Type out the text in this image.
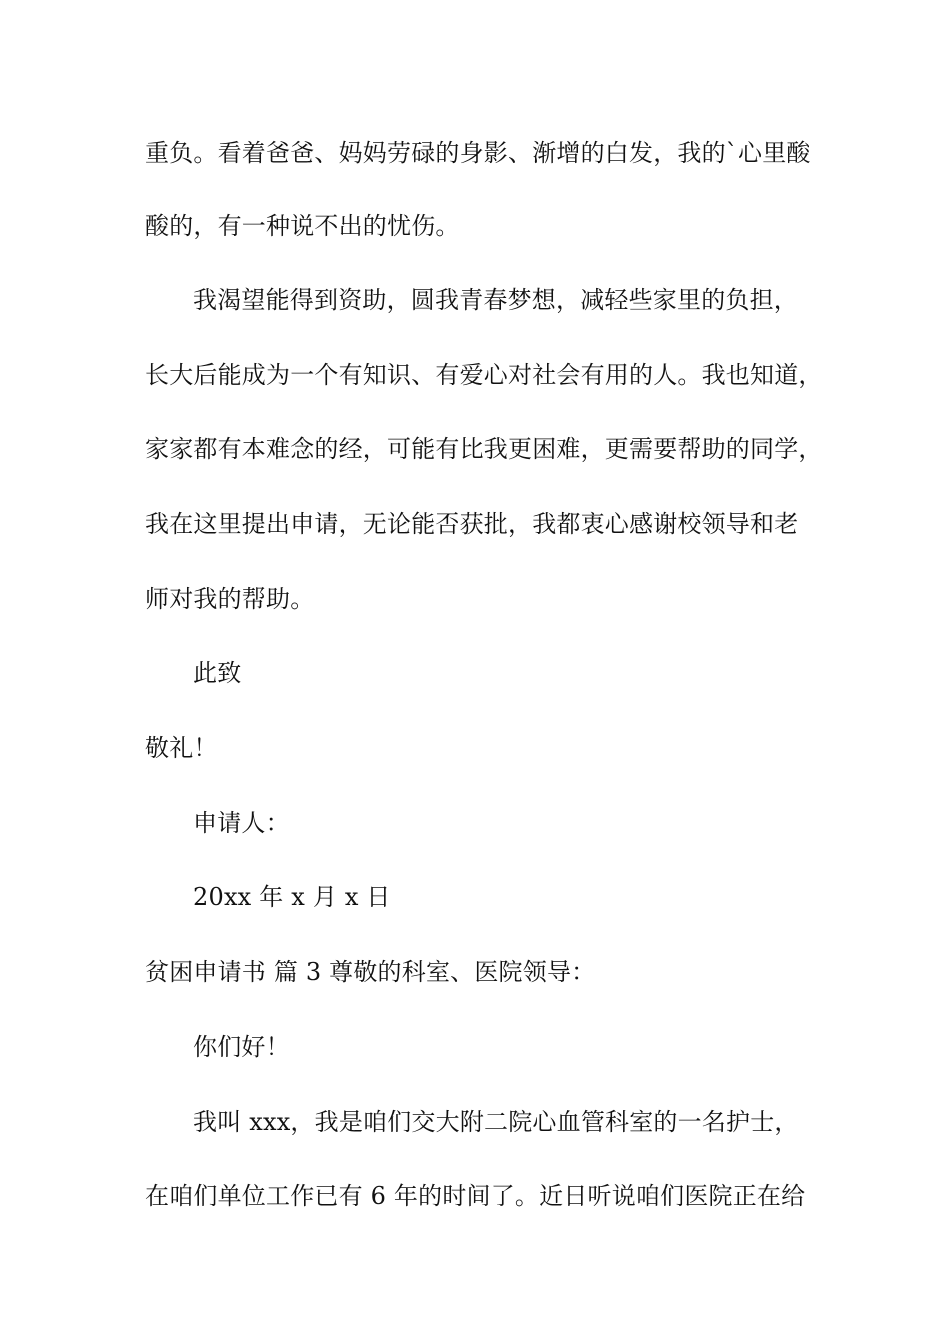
重负。看着爸爸、妈妈劳碌的身影、渐增的白发，我的`心里酸
酸的，有一种说不出的忧伤。
我渴望能得到资助，圆我青春梦想，减轻些家里的负担，
长大后能成为一个有知识、有爱心对社会有用的人。我也知道，
家家都有本难念的经，可能有比我更困难，更需要帮助的同学，
我在这里提出申请，无论能否获批，我都衷心感谢校领导和老
师对我的帮助。
此致
敬礼！
申请人：
20xx 年 x 月 x 日
贫困申请书 篇 3 尊敬的科室、医院领导：
你们好！
我叫 xxx，我是咱们交大附二院心血管科室的一名护士，
在咱们单位工作已有 6 年的时间了。近日听说咱们医院正在给
